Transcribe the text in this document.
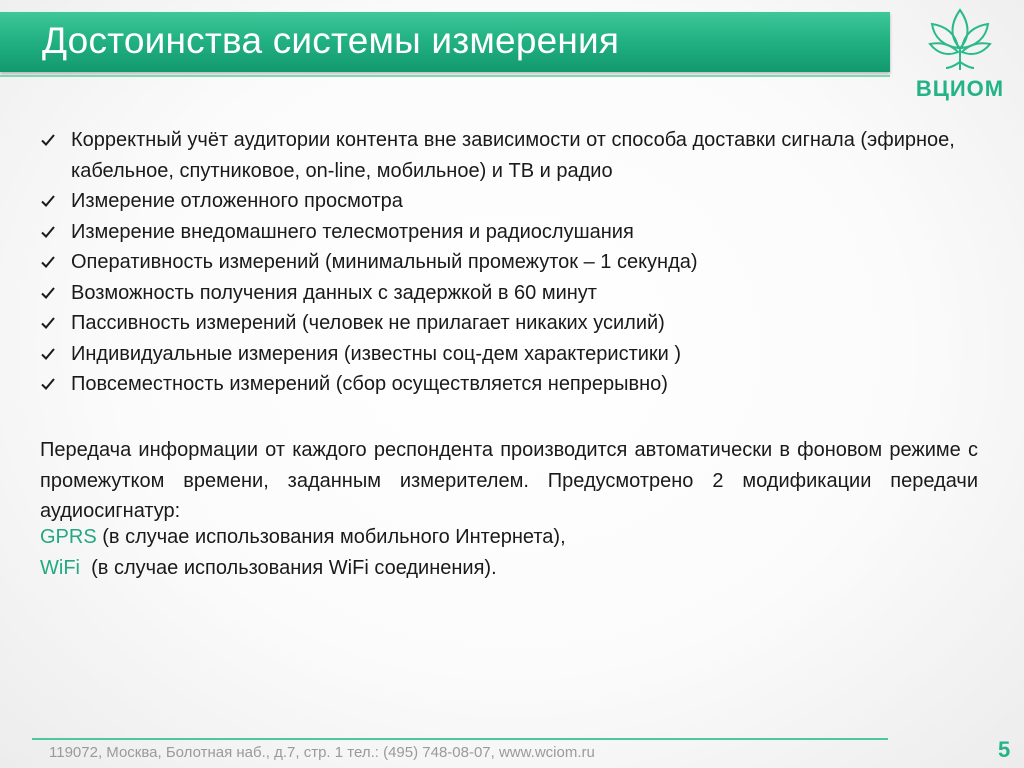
Достоинства системы измерения
ВЦИОМ
Корректный учёт аудитории контента вне зависимости от способа доставки сигнала (эфирное, кабельное, спутниковое, on-line, мобильное) и ТВ и радио
Измерение отложенного просмотра
Измерение внедомашнего телесмотрения и радиослушания
Оперативность измерений (минимальный промежуток – 1 секунда)
Возможность получения данных с задержкой в 60 минут
Пассивность измерений (человек не прилагает никаких усилий)
Индивидуальные измерения (известны соц-дем характеристики )
Повсеместность измерений (сбор осуществляется непрерывно)

Передача информации от каждого респондента производится автоматически в фоновом режиме с промежутком времени, заданным измерителем. Предусмотрено 2 модификации передачи аудиосигнатур:

GPRS (в случае использования мобильного Интернета),
WiFi  (в случае использования WiFi соединения).
119072, Москва, Болотная наб., д.7, стр. 1 тел.: (495) 748-08-07, www.wciom.ru	5
